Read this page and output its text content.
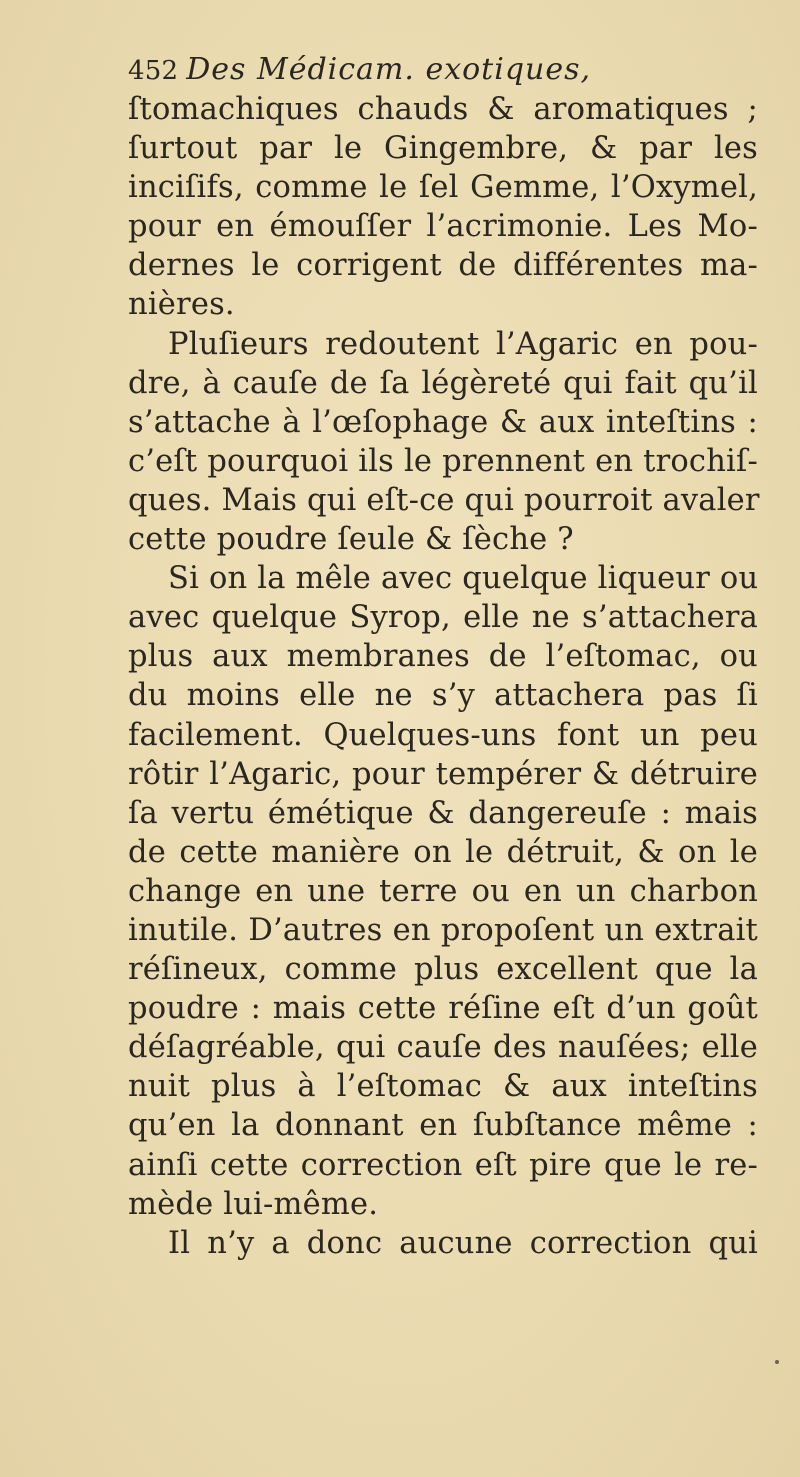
452 Des Médicam. exotiques,
ſtomachiques chauds & aromatiques ;
ſurtout par le Gingembre, & par les
inciſifs, comme le ſel Gemme, l’Oxymel,
pour en émouſſer l’acrimonie. Les Mo-
dernes le corrigent de différentes ma-
nières.
Pluſieurs redoutent l’Agaric en pou-
dre, à cauſe de ſa légèreté qui fait qu’il
s’attache à l’œſophage & aux inteſtins :
c’eſt pourquoi ils le prennent en trochiſ-
ques. Mais qui eſt-ce qui pourroit avaler
cette poudre ſeule & ſèche ?
Si on la mêle avec quelque liqueur ou
avec quelque Syrop, elle ne s’attachera
plus aux membranes de l’eſtomac, ou
du moins elle ne s’y attachera pas ſi
facilement. Quelques-uns font un peu
rôtir l’Agaric, pour tempérer & détruire
ſa vertu émétique & dangereuſe : mais
de cette manière on le détruit, & on le
change en une terre ou en un charbon
inutile. D’autres en propoſent un extrait
réſineux, comme plus excellent que la
poudre : mais cette réſine eſt d’un goût
déſagréable, qui cauſe des nauſées; elle
nuit plus à l’eſtomac & aux inteſtins
qu’en la donnant en ſubſtance même :
ainſi cette correction eſt pire que le re-
mède lui-même.
Il n’y a donc aucune correction qui
